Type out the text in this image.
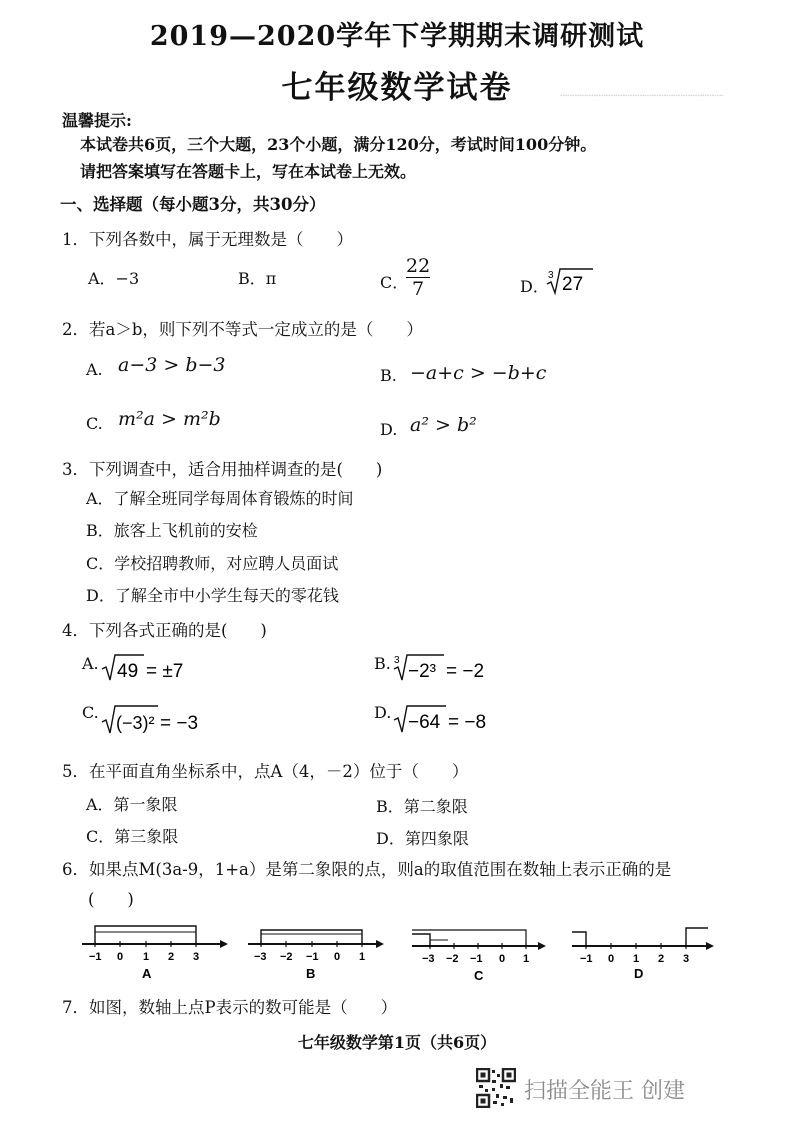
┈┈┈┈┈┈┈┈┈┈┈┈┈┈┈┈┈
2019—2020学年下学期期末调研测试
七年级数学试卷
温馨提示:
本试卷共6页，三个大题，23个小题，满分120分，考试时间100分钟。
请把答案填写在答题卡上，写在本试卷上无效。
一、选择题（每小题3分，共30分）
1．下列各数中，属于无理数是（　　）
A．−3	B．π	C．
$\frac{22}{7}$	D．
3 27
2．若a＞b，则下列不等式一定成立的是（　　）
A. a−3 > b−3	B. −a+c > −b+c
C. m²a > m²b	D. a² > b²
3．下列调查中，适合用抽样调查的是(　　)
A．了解全班同学每周体育锻炼的时间
B．旅客上飞机前的安检
C．学校招聘教师，对应聘人员面试
D．了解全市中小学生每天的零花钱
4．下列各式正确的是(　　)
A. 49 = ±7	B. 3
−2³ = −2
C.
(−3)² = −3
D. −64 = −8
5．在平面直角坐标系中，点A（4，－2）位于（　　）
A．第一象限	B．第二象限
C．第三象限	D．第四象限
6．如果点M(3a-9，1+a）是第二象限的点，则a的取值范围在数轴上表示正确的是
(　　)
−1 0 1 2 3
A
−3 −2 −1 0 1
B
−3 −2 −1 0 1
C
−1 0 1 2 3
D
7．如图，数轴上点P表示的数可能是（　　）
七年级数学第1页（共6页）
扫描全能王 创建
